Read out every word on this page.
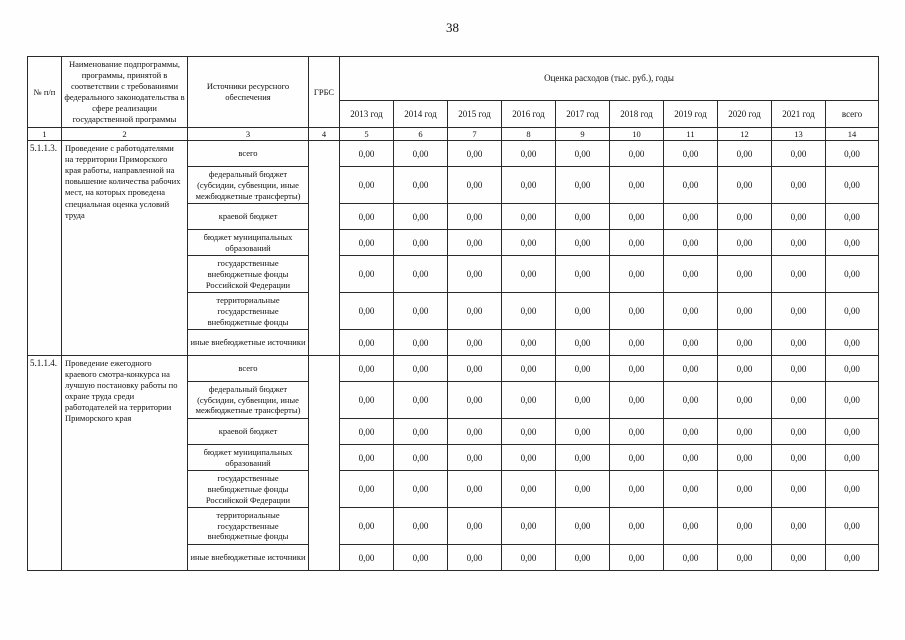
38
№ п/п	Наименование подпрограммы, программы, принятой в соответствии с требованиями федерального законодательства в сфере реализации государственной программы	Источники ресурсного обеспечения	ГРБС	Оценка расходов (тыс. руб.), годы									
				2013 год	2014 год	2015 год	2016 год	2017 год	2018 год	2019 год	2020 год	2021 год	всего
1	2	3	4	5	6	7	8	9	10	11	12	13	14
5.1.1.3.	Проведение с работодателями на территории Приморского края работы, направленной на повышение количества рабочих мест, на которых проведена специальная оценка условий труда	всего		0,00	0,00	0,00	0,00	0,00	0,00	0,00	0,00	0,00	0,00
		федеральный бюджет (субсидии, субвенции, иные межбюджетные трансферты)		0,00	0,00	0,00	0,00	0,00	0,00	0,00	0,00	0,00	0,00
		краевой бюджет		0,00	0,00	0,00	0,00	0,00	0,00	0,00	0,00	0,00	0,00
		бюджет муниципальных образований		0,00	0,00	0,00	0,00	0,00	0,00	0,00	0,00	0,00	0,00
		государственные внебюджетные фонды Российской Федерации		0,00	0,00	0,00	0,00	0,00	0,00	0,00	0,00	0,00	0,00
		территориальные государственные внебюджетные фонды		0,00	0,00	0,00	0,00	0,00	0,00	0,00	0,00	0,00	0,00
		иные внебюджетные источники		0,00	0,00	0,00	0,00	0,00	0,00	0,00	0,00	0,00	0,00
5.1.1.4.	Проведение ежегодного краевого смотра-конкурса на лучшую постановку работы по охране труда среди работодателей на территории Приморского края	всего		0,00	0,00	0,00	0,00	0,00	0,00	0,00	0,00	0,00	0,00
		федеральный бюджет (субсидии, субвенции, иные межбюджетные трансферты)		0,00	0,00	0,00	0,00	0,00	0,00	0,00	0,00	0,00	0,00
		краевой бюджет		0,00	0,00	0,00	0,00	0,00	0,00	0,00	0,00	0,00	0,00
		бюджет муниципальных образований		0,00	0,00	0,00	0,00	0,00	0,00	0,00	0,00	0,00	0,00
		государственные внебюджетные фонды Российской Федерации		0,00	0,00	0,00	0,00	0,00	0,00	0,00	0,00	0,00	0,00
		территориальные государственные внебюджетные фонды		0,00	0,00	0,00	0,00	0,00	0,00	0,00	0,00	0,00	0,00
		иные внебюджетные источники		0,00	0,00	0,00	0,00	0,00	0,00	0,00	0,00	0,00	0,00
